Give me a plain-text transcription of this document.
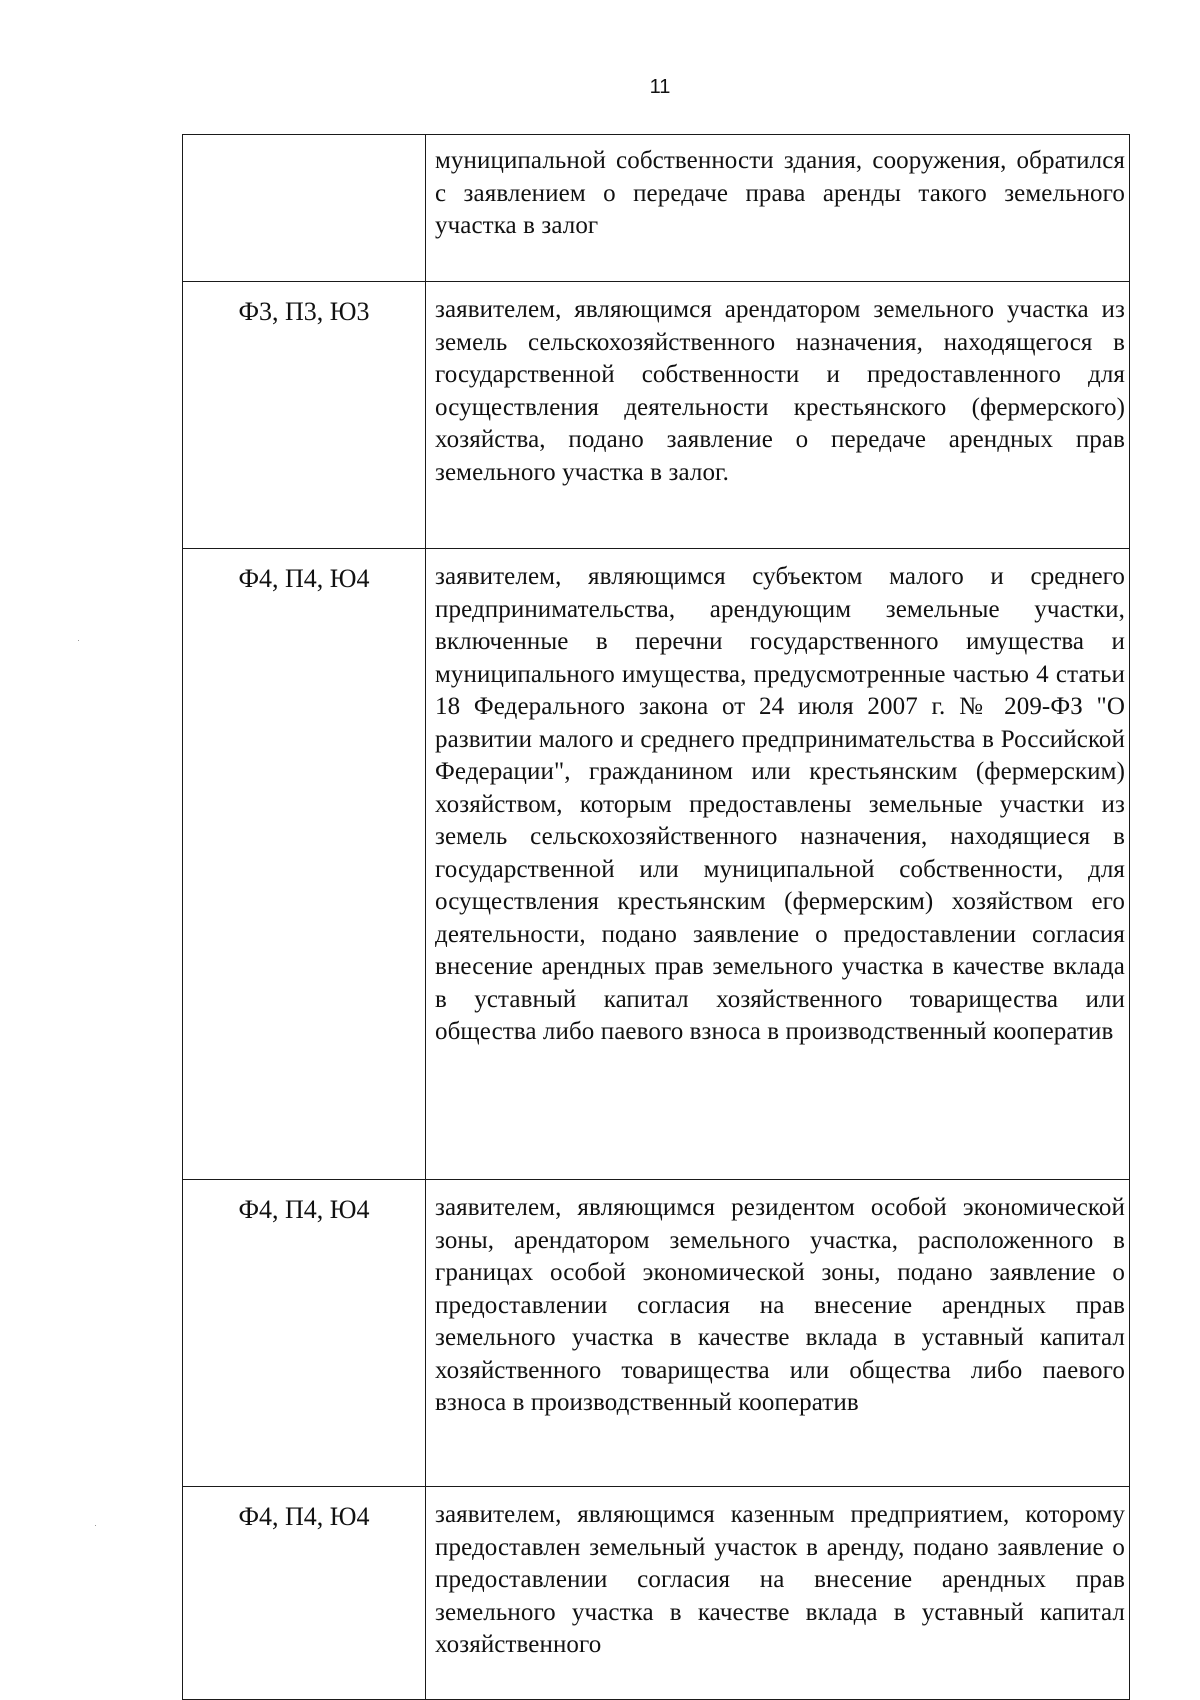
11
	муниципальной собственности здания, сооружения, обратился с заявлением о передаче права аренды такого земельного участка в залог
Ф3, П3, Ю3	заявителем, являющимся арендатором земельного участка из земель сельскохозяйственного назначения, находящегося в государственной собственности и предоставленного для осуществления деятельности крестьянского (фермерского) хозяйства, подано заявление о передаче арендных прав земельного участка в залог.
Ф4, П4, Ю4	заявителем, являющимся субъектом малого и среднего предпринимательства, арендующим земельные участки, включенные в перечни государственного имущества и муниципального имущества, предусмотренные частью 4 статьи 18 Федерального закона от 24 июля 2007 г. № 209-ФЗ "О развитии малого и среднего предпринимательства в Российской Федерации", гражданином или крестьянским (фермерским) хозяйством, которым предоставлены земельные участки из земель сельскохозяйственного назначения, находящиеся в государственной или муниципальной собственности, для осуществления крестьянским (фермерским) хозяйством его деятельности, подано заявление о предоставлении согласия внесение арендных прав земельного участка в качестве вклада в уставный капитал хозяйственного товарищества или общества либо паевого взноса в производственный кооператив
Ф4, П4, Ю4	заявителем, являющимся резидентом особой экономической зоны, арендатором земельного участка, расположенного в границах особой экономической зоны, подано заявление о предоставлении согласия на внесение арендных прав земельного участка в качестве вклада в уставный капитал хозяйственного товарищества или общества либо паевого взноса в производственный кооператив
Ф4, П4, Ю4	заявителем, являющимся казенным предприятием, которому предоставлен земельный участок в аренду, подано заявление о предоставлении согласия на внесение арендных прав земельного участка в качестве вклада в уставный капитал хозяйственного
